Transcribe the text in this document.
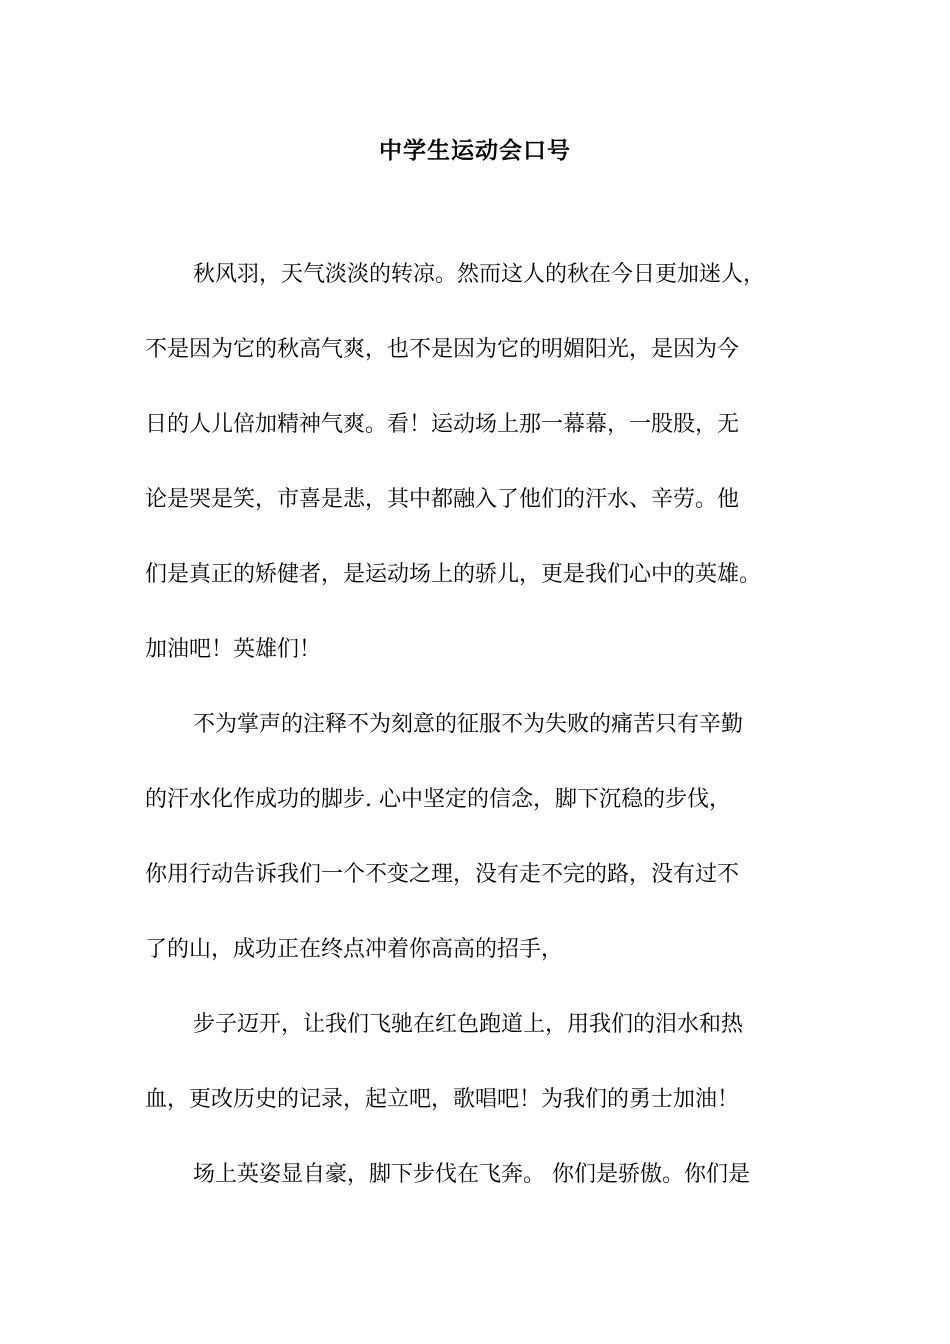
中学生运动会口号
秋风羽，天气淡淡的转凉。然而这人的秋在今日更加迷人，
不是因为它的秋高气爽，也不是因为它的明媚阳光，是因为今
日的人儿倍加精神气爽。看！运动场上那一幕幕，一股股，无
论是哭是笑，市喜是悲，其中都融入了他们的汗水、辛劳。他
们是真正的矫健者，是运动场上的骄儿，更是我们心中的英雄。
加油吧！英雄们！
不为掌声的注释不为刻意的征服不为失败的痛苦只有辛勤
的汗水化作成功的脚步. 心中坚定的信念，脚下沉稳的步伐，
你用行动告诉我们一个不变之理，没有走不完的路，没有过不
了的山，成功正在终点冲着你高高的招手，
步子迈开，让我们飞驰在红色跑道上，用我们的泪水和热
血，更改历史的记录，起立吧，歌唱吧！为我们的勇士加油！
场上英姿显自豪，脚下步伐在飞奔。 你们是骄傲。你们是
